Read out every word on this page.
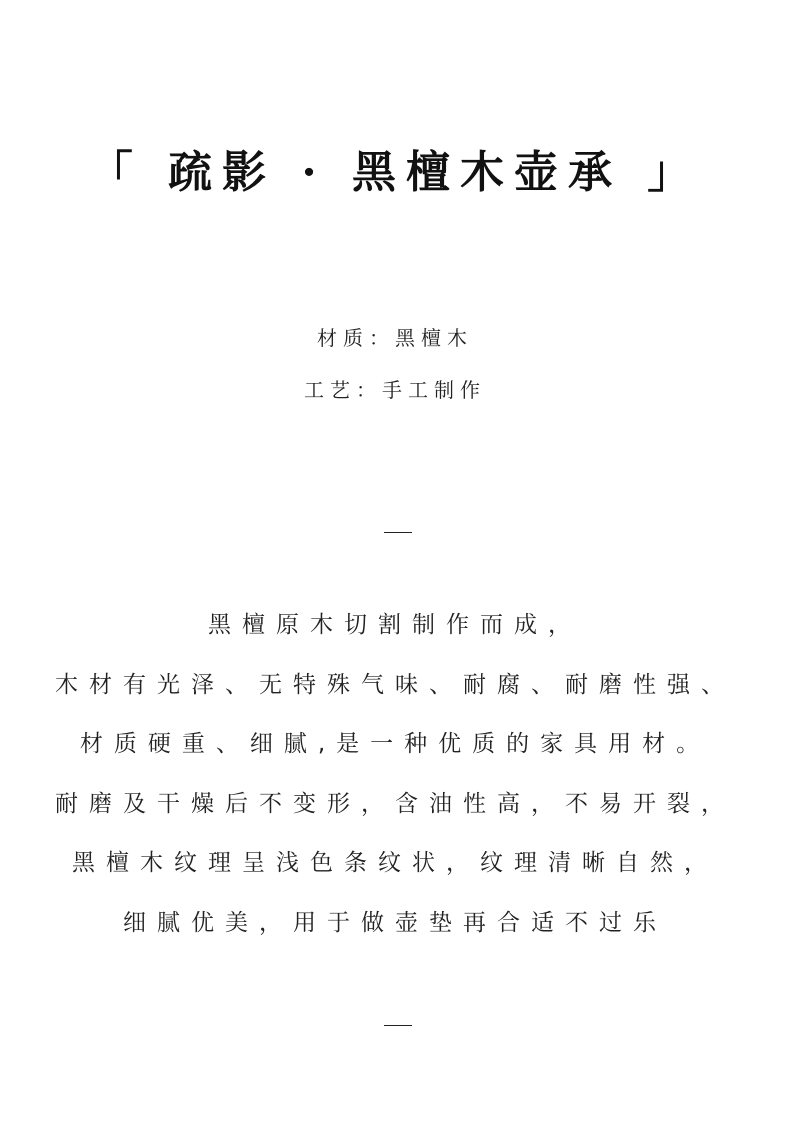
「 疏影 · 黑檀木壶承 」
材质：黑檀木
工艺：手工制作
黑檀原木切割制作而成，
木材有光泽、无特殊气味、耐腐、耐磨性强、
材质硬重、细腻,是一种优质的家具用材。
耐磨及干燥后不变形，含油性高，不易开裂，
黑檀木纹理呈浅色条纹状，纹理清晰自然，
细腻优美，用于做壶垫再合适不过乐
